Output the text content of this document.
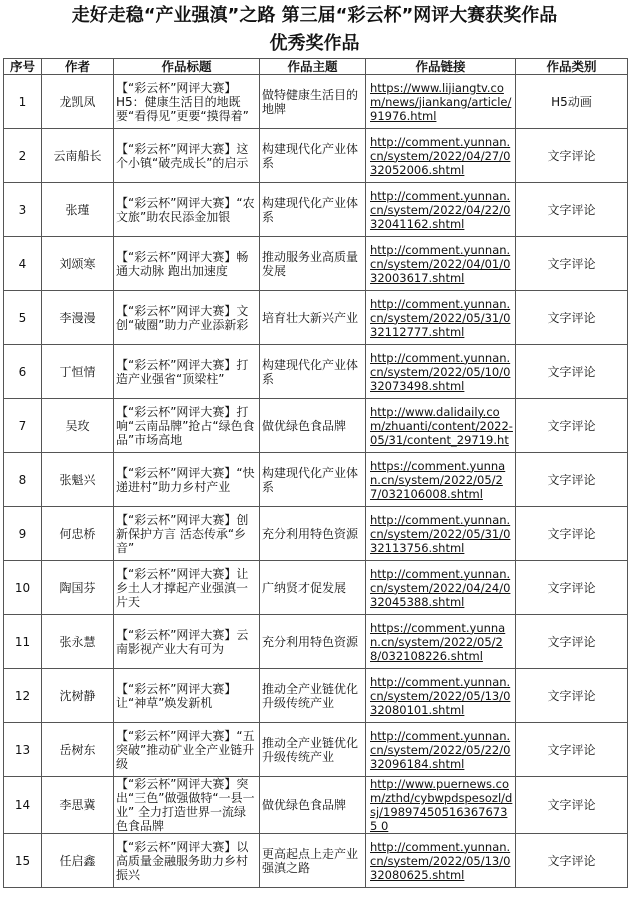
走好走稳“产业强滇”之路 第三届“彩云杯”网评大赛获奖作品
优秀奖作品
序号	作者	作品标题	作品主题	作品链接	作品类别
1	龙凯凤	【“彩云杯”网评大赛】H5：健康生活目的地既要“看得见”更要“摸得着”	做特健康生活目的地牌	https://www.lijiangtv.com/news/jiankang/article/91976.html	H5动画
2	云南船长	【“彩云杯”网评大赛】这个小镇“破壳成长”的启示	构建现代化产业体系	http://comment.yunnan.cn/system/2022/04/27/032052006.shtml	文字评论
3	张瑾	【“彩云杯”网评大赛】“农文旅”助农民添金加银	构建现代化产业体系	http://comment.yunnan.cn/system/2022/04/22/032041162.shtml	文字评论
4	刘颂寒	【“彩云杯”网评大赛】畅通大动脉 跑出加速度	推动服务业高质量发展	http://comment.yunnan.cn/system/2022/04/01/032003617.shtml	文字评论
5	李漫漫	【“彩云杯”网评大赛】文创“破圈”助力产业添新彩	培育壮大新兴产业	http://comment.yunnan.cn/system/2022/05/31/032112777.shtml	文字评论
6	丁恒情	【“彩云杯”网评大赛】打造产业强省“顶梁柱”	构建现代化产业体系	http://comment.yunnan.cn/system/2022/05/10/032073498.shtml	文字评论
7	吴玫	【“彩云杯”网评大赛】打响“云南品牌”抢占“绿色食品”市场高地	做优绿色食品牌	http://www.dalidaily.com/zhuanti/content/2022-05/31/content_29719.ht	文字评论
8	张魁兴	【“彩云杯”网评大赛】“快递进村”助力乡村产业	构建现代化产业体系	https://comment.yunnan.cn/system/2022/05/27/032106008.shtml	文字评论
9	何忠桥	【“彩云杯”网评大赛】创新保护方言 活态传承“乡音”	充分利用特色资源	http://comment.yunnan.cn/system/2022/05/31/032113756.shtml	文字评论
10	陶国芬	【“彩云杯”网评大赛】让乡土人才撑起产业强滇一片天	广纳贤才促发展	http://comment.yunnan.cn/system/2022/04/24/032045388.shtml	文字评论
11	张永慧	【“彩云杯”网评大赛】云南影视产业大有可为	充分利用特色资源	https://comment.yunnan.cn/system/2022/05/28/032108226.shtml	文字评论
12	沈树静	【“彩云杯”网评大赛】让“神草”焕发新机	推动全产业链优化升级传统产业	http://comment.yunnan.cn/system/2022/05/13/032080101.shtml	文字评论
13	岳树东	【“彩云杯”网评大赛】“五突破”推动矿业全产业链升级	推动全产业链优化升级传统产业	http://comment.yunnan.cn/system/2022/05/22/032096184.shtml	文字评论
14	李思冀	【“彩云杯”网评大赛】突出“三色”做强做特“一县一业” 全力打造世界一流绿色食品牌	做优绿色食品牌	http://www.puernews.com/zthd/cybwpdspesozl/dsj/198974505163676735 0	文字评论
15	任启鑫	【“彩云杯”网评大赛】以高质量金融服务助力乡村振兴	更高起点上走产业强滇之路	http://comment.yunnan.cn/system/2022/05/13/032080625.shtml	文字评论
